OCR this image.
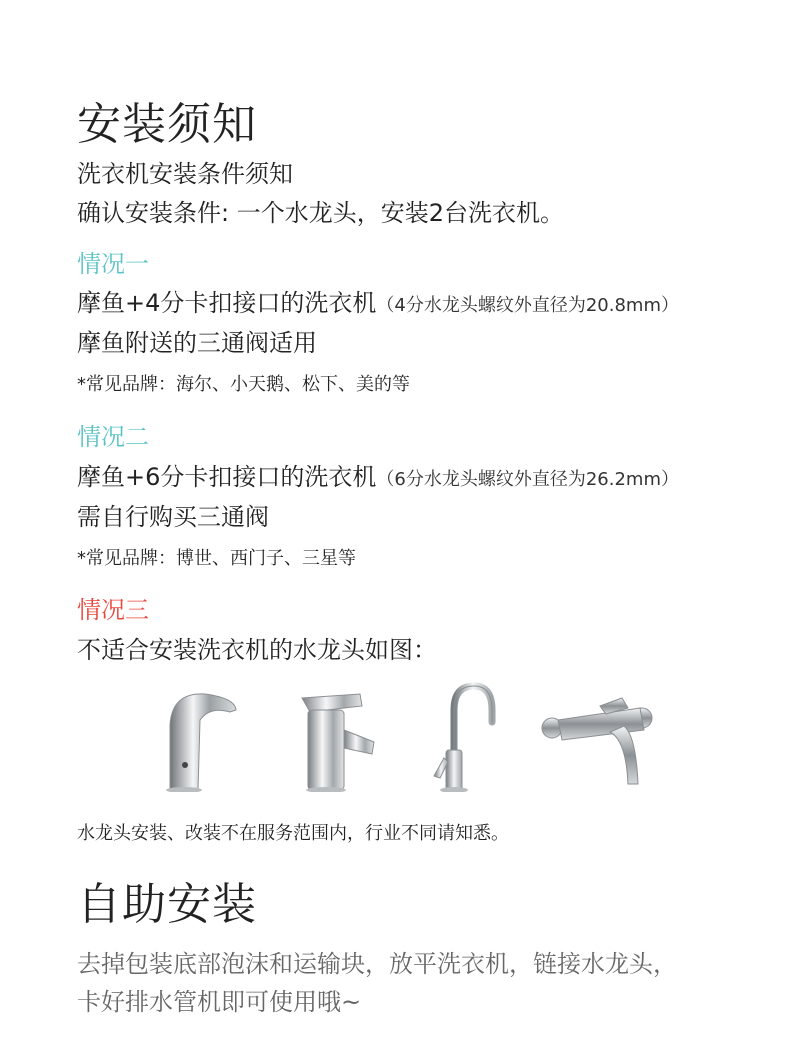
安装须知
洗衣机安装条件须知
确认安装条件: 一个水龙头，安装2台洗衣机。
情况一
摩鱼+4分卡扣接口的洗衣机（4分水龙头螺纹外直径为20.8mm）
摩鱼附送的三通阀适用
*常见品牌：海尔、小天鹅、松下、美的等
情况二
摩鱼+6分卡扣接口的洗衣机（6分水龙头螺纹外直径为26.2mm）
需自行购买三通阀
*常见品牌：博世、西门子、三星等
情况三
不适合安装洗衣机的水龙头如图：
水龙头安装、改装不在服务范围内，行业不同请知悉。
自助安装
去掉包装底部泡沫和运输块，放平洗衣机，链接水龙头，
卡好排水管机即可使用哦~
